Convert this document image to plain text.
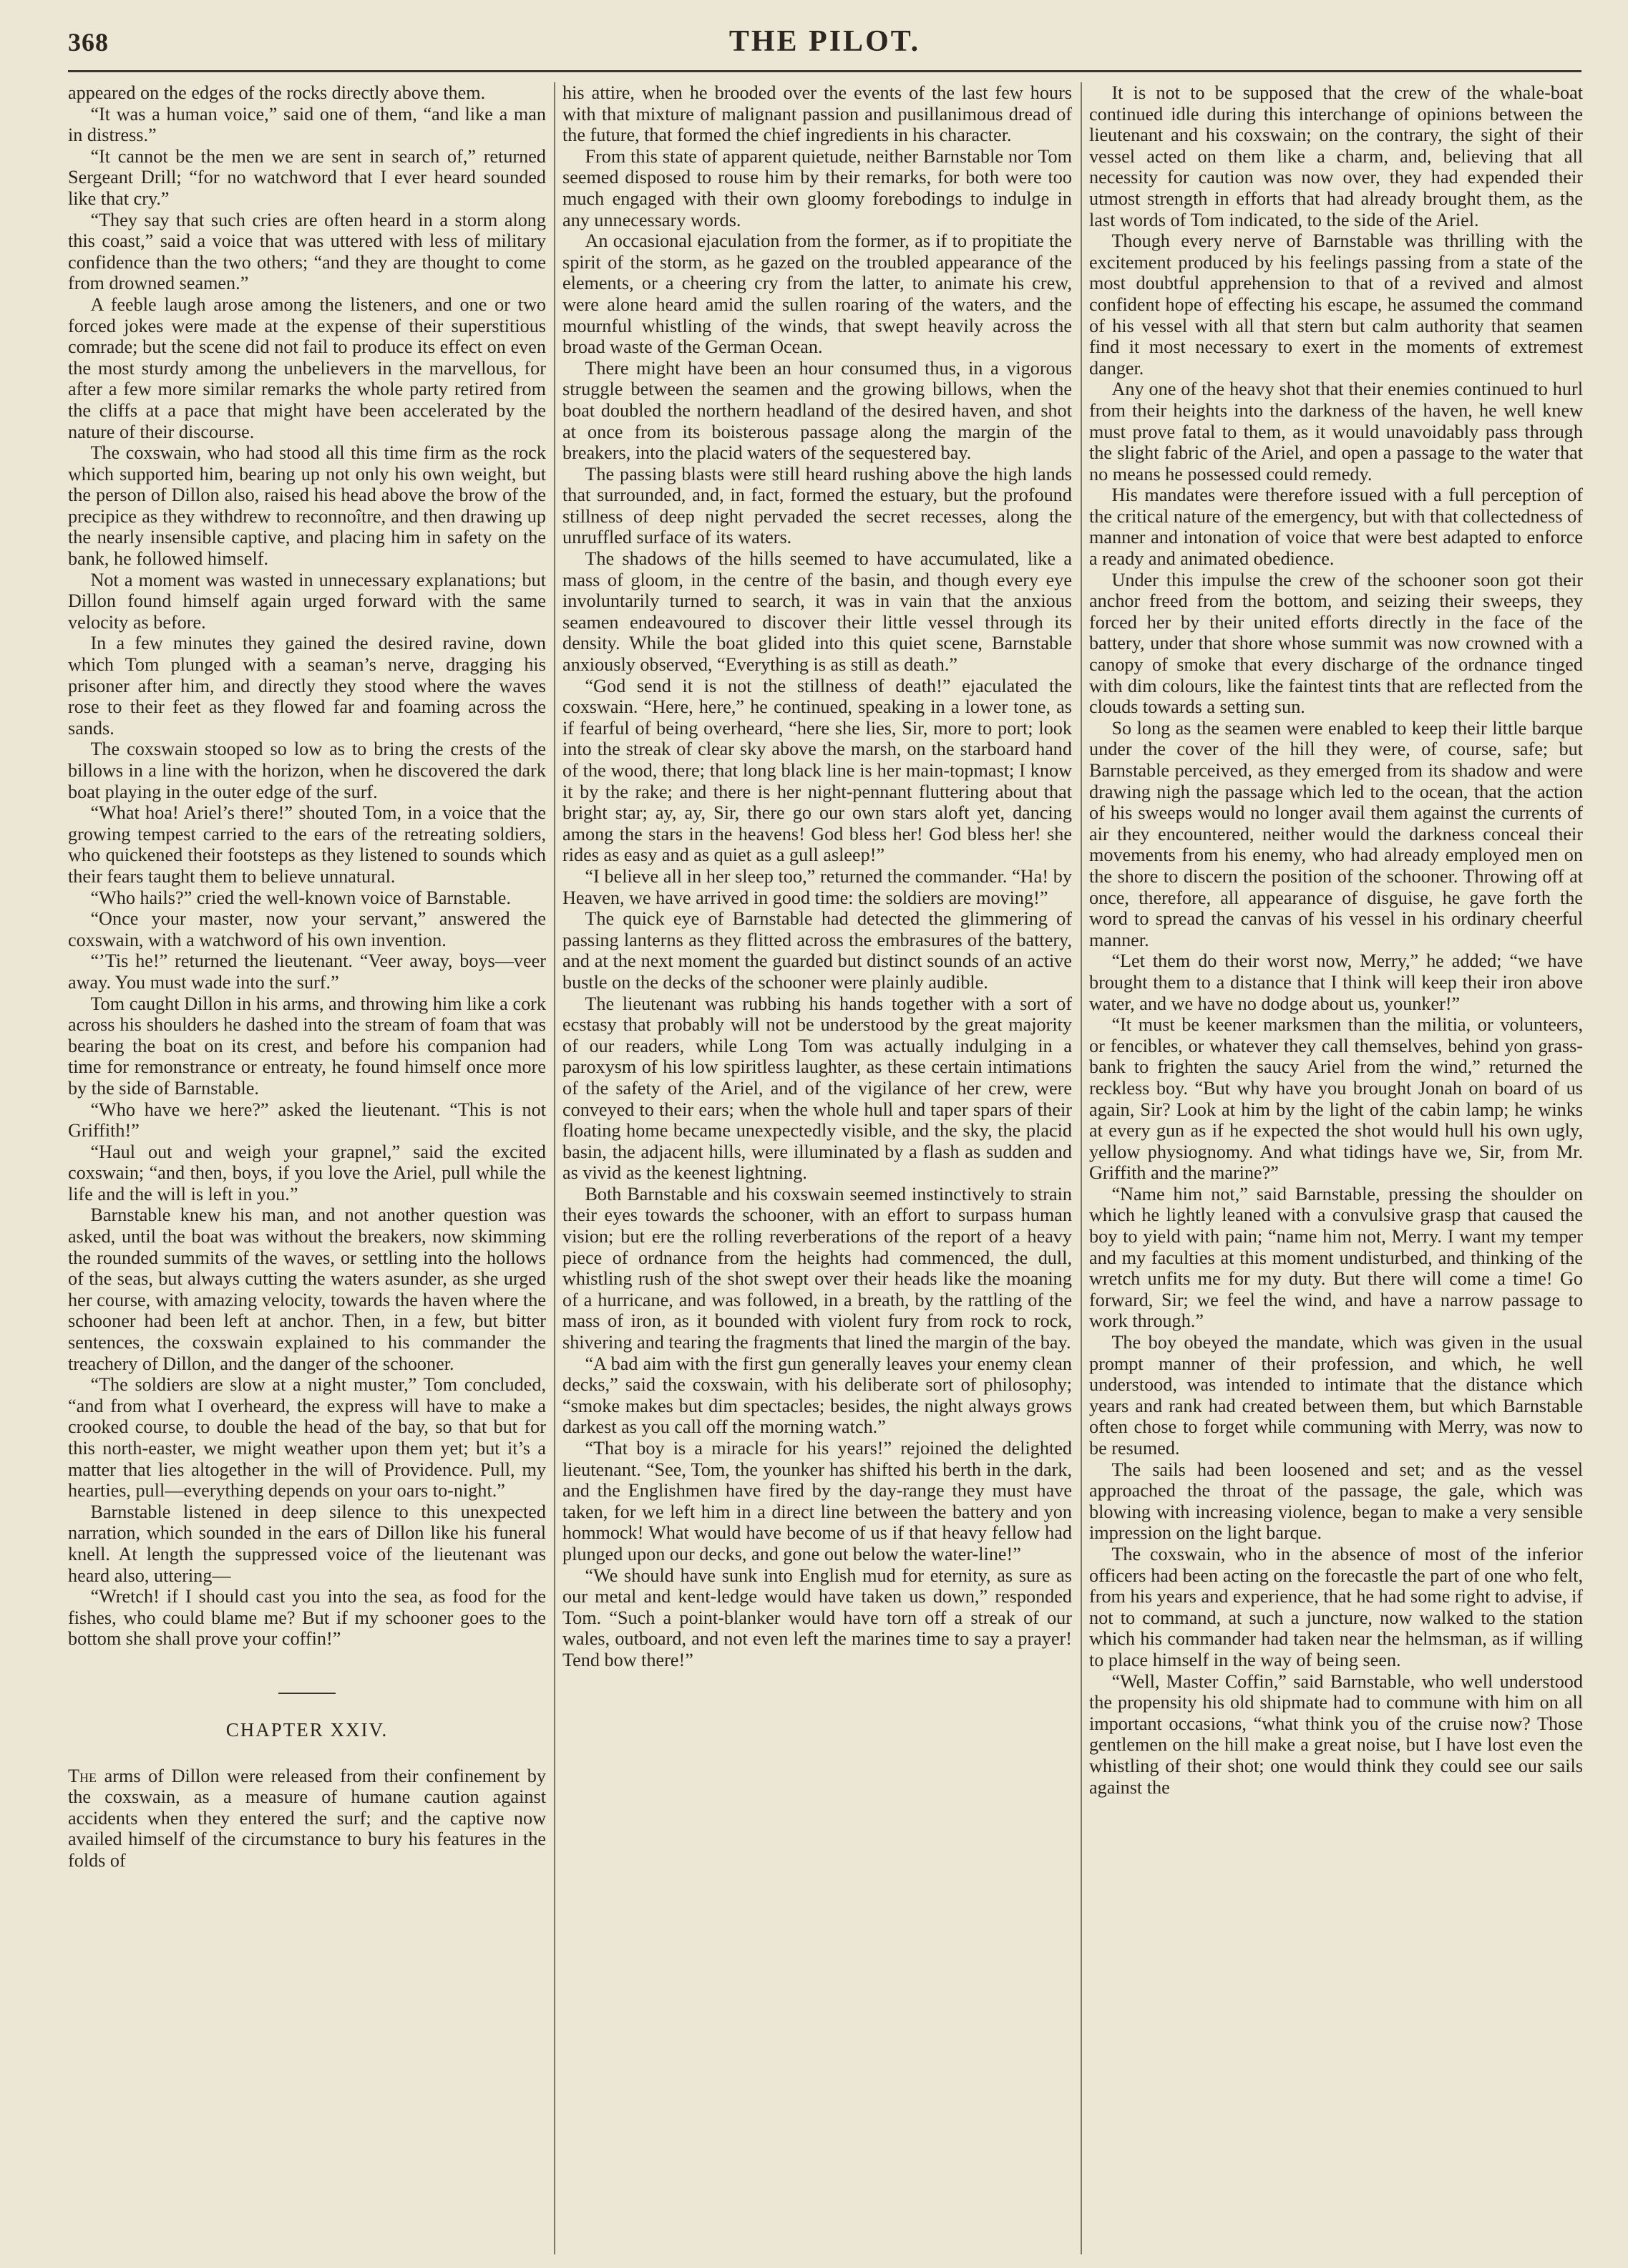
368	THE PILOT.

appeared on the edges of the rocks directly above them.

“It was a human voice,” said one of them, “and like a man in distress.”

“It cannot be the men we are sent in search of,” returned Sergeant Drill; “for no watchword that I ever heard sounded like that cry.”

“They say that such cries are often heard in a storm along this coast,” said a voice that was uttered with less of military confidence than the two others; “and they are thought to come from drowned seamen.”

A feeble laugh arose among the listeners, and one or two forced jokes were made at the expense of their superstitious comrade; but the scene did not fail to produce its effect on even the most sturdy among the unbelievers in the marvellous, for after a few more similar remarks the whole party retired from the cliffs at a pace that might have been accelerated by the nature of their discourse.

The coxswain, who had stood all this time firm as the rock which supported him, bearing up not only his own weight, but the person of Dillon also, raised his head above the brow of the precipice as they withdrew to reconnoître, and then drawing up the nearly insensible captive, and placing him in safety on the bank, he followed himself.

Not a moment was wasted in unnecessary explanations; but Dillon found himself again urged forward with the same velocity as before.

In a few minutes they gained the desired ravine, down which Tom plunged with a seaman’s nerve, dragging his prisoner after him, and directly they stood where the waves rose to their feet as they flowed far and foaming across the sands.

The coxswain stooped so low as to bring the crests of the billows in a line with the horizon, when he discovered the dark boat playing in the outer edge of the surf.

“What hoa! Ariel’s there!” shouted Tom, in a voice that the growing tempest carried to the ears of the retreating soldiers, who quickened their footsteps as they listened to sounds which their fears taught them to believe unnatural.

“Who hails?” cried the well-known voice of Barnstable.

“Once your master, now your servant,” answered the coxswain, with a watchword of his own invention.

“’Tis he!” returned the lieutenant. “Veer away, boys—veer away. You must wade into the surf.”

Tom caught Dillon in his arms, and throwing him like a cork across his shoulders he dashed into the stream of foam that was bearing the boat on its crest, and before his companion had time for remonstrance or entreaty, he found himself once more by the side of Barnstable.

“Who have we here?” asked the lieutenant. “This is not Griffith!”

“Haul out and weigh your grapnel,” said the excited coxswain; “and then, boys, if you love the Ariel, pull while the life and the will is left in you.”

Barnstable knew his man, and not another question was asked, until the boat was without the breakers, now skimming the rounded summits of the waves, or settling into the hollows of the seas, but always cutting the waters asunder, as she urged her course, with amazing velocity, towards the haven where the schooner had been left at anchor. Then, in a few, but bitter sentences, the coxswain explained to his commander the treachery of Dillon, and the danger of the schooner.

“The soldiers are slow at a night muster,” Tom concluded, “and from what I overheard, the express will have to make a crooked course, to double the head of the bay, so that but for this north-easter, we might weather upon them yet; but it’s a matter that lies altogether in the will of Providence. Pull, my hearties, pull—everything depends on your oars to-night.”

Barnstable listened in deep silence to this unexpected narration, which sounded in the ears of Dillon like his funeral knell. At length the suppressed voice of the lieutenant was heard also, uttering—

“Wretch! if I should cast you into the sea, as food for the fishes, who could blame me? But if my schooner goes to the bottom she shall prove your coffin!”

CHAPTER XXIV.

The arms of Dillon were released from their confinement by the coxswain, as a measure of humane caution against accidents when they entered the surf; and the captive now availed himself of the circumstance to bury his features in the folds of

his attire, when he brooded over the events of the last few hours with that mixture of malignant passion and pusillanimous dread of the future, that formed the chief ingredients in his character.

From this state of apparent quietude, neither Barnstable nor Tom seemed disposed to rouse him by their remarks, for both were too much engaged with their own gloomy forebodings to indulge in any unnecessary words.

An occasional ejaculation from the former, as if to propitiate the spirit of the storm, as he gazed on the troubled appearance of the elements, or a cheering cry from the latter, to animate his crew, were alone heard amid the sullen roaring of the waters, and the mournful whistling of the winds, that swept heavily across the broad waste of the German Ocean.

There might have been an hour consumed thus, in a vigorous struggle between the seamen and the growing billows, when the boat doubled the northern headland of the desired haven, and shot at once from its boisterous passage along the margin of the breakers, into the placid waters of the sequestered bay.

The passing blasts were still heard rushing above the high lands that surrounded, and, in fact, formed the estuary, but the profound stillness of deep night pervaded the secret recesses, along the unruffled surface of its waters.

The shadows of the hills seemed to have accumulated, like a mass of gloom, in the centre of the basin, and though every eye involuntarily turned to search, it was in vain that the anxious seamen endeavoured to discover their little vessel through its density. While the boat glided into this quiet scene, Barnstable anxiously observed, “Everything is as still as death.”

“God send it is not the stillness of death!” ejaculated the coxswain. “Here, here,” he continued, speaking in a lower tone, as if fearful of being overheard, “here she lies, Sir, more to port; look into the streak of clear sky above the marsh, on the starboard hand of the wood, there; that long black line is her main-topmast; I know it by the rake; and there is her night-pennant fluttering about that bright star; ay, ay, Sir, there go our own stars aloft yet, dancing among the stars in the heavens! God bless her! God bless her! she rides as easy and as quiet as a gull asleep!”

“I believe all in her sleep too,” returned the commander. “Ha! by Heaven, we have arrived in good time: the soldiers are moving!”

The quick eye of Barnstable had detected the glimmering of passing lanterns as they flitted across the embrasures of the battery, and at the next moment the guarded but distinct sounds of an active bustle on the decks of the schooner were plainly audible.

The lieutenant was rubbing his hands together with a sort of ecstasy that probably will not be understood by the great majority of our readers, while Long Tom was actually indulging in a paroxysm of his low spiritless laughter, as these certain intimations of the safety of the Ariel, and of the vigilance of her crew, were conveyed to their ears; when the whole hull and taper spars of their floating home became unexpectedly visible, and the sky, the placid basin, the adjacent hills, were illuminated by a flash as sudden and as vivid as the keenest lightning.

Both Barnstable and his coxswain seemed instinctively to strain their eyes towards the schooner, with an effort to surpass human vision; but ere the rolling reverberations of the report of a heavy piece of ordnance from the heights had commenced, the dull, whistling rush of the shot swept over their heads like the moaning of a hurricane, and was followed, in a breath, by the rattling of the mass of iron, as it bounded with violent fury from rock to rock, shivering and tearing the fragments that lined the margin of the bay.

“A bad aim with the first gun generally leaves your enemy clean decks,” said the coxswain, with his deliberate sort of philosophy; “smoke makes but dim spectacles; besides, the night always grows darkest as you call off the morning watch.”

“That boy is a miracle for his years!” rejoined the delighted lieutenant. “See, Tom, the younker has shifted his berth in the dark, and the Englishmen have fired by the day-range they must have taken, for we left him in a direct line between the battery and yon hommock! What would have become of us if that heavy fellow had plunged upon our decks, and gone out below the water-line!”

“We should have sunk into English mud for eternity, as sure as our metal and kent-ledge would have taken us down,” responded Tom. “Such a point-blanker would have torn off a streak of our wales, outboard, and not even left the marines time to say a prayer! Tend bow there!”

It is not to be supposed that the crew of the whale-boat continued idle during this interchange of opinions between the lieutenant and his coxswain; on the contrary, the sight of their vessel acted on them like a charm, and, believing that all necessity for caution was now over, they had expended their utmost strength in efforts that had already brought them, as the last words of Tom indicated, to the side of the Ariel.

Though every nerve of Barnstable was thrilling with the excitement produced by his feelings passing from a state of the most doubtful apprehension to that of a revived and almost confident hope of effecting his escape, he assumed the command of his vessel with all that stern but calm authority that seamen find it most necessary to exert in the moments of extremest danger.

Any one of the heavy shot that their enemies continued to hurl from their heights into the darkness of the haven, he well knew must prove fatal to them, as it would unavoidably pass through the slight fabric of the Ariel, and open a passage to the water that no means he possessed could remedy.

His mandates were therefore issued with a full perception of the critical nature of the emergency, but with that collectedness of manner and intonation of voice that were best adapted to enforce a ready and animated obedience.

Under this impulse the crew of the schooner soon got their anchor freed from the bottom, and seizing their sweeps, they forced her by their united efforts directly in the face of the battery, under that shore whose summit was now crowned with a canopy of smoke that every discharge of the ordnance tinged with dim colours, like the faintest tints that are reflected from the clouds towards a setting sun.

So long as the seamen were enabled to keep their little barque under the cover of the hill they were, of course, safe; but Barnstable perceived, as they emerged from its shadow and were drawing nigh the passage which led to the ocean, that the action of his sweeps would no longer avail them against the currents of air they encountered, neither would the darkness conceal their movements from his enemy, who had already employed men on the shore to discern the position of the schooner. Throwing off at once, therefore, all appearance of disguise, he gave forth the word to spread the canvas of his vessel in his ordinary cheerful manner.

“Let them do their worst now, Merry,” he added; “we have brought them to a distance that I think will keep their iron above water, and we have no dodge about us, younker!”

“It must be keener marksmen than the militia, or volunteers, or fencibles, or whatever they call themselves, behind yon grass-bank to frighten the saucy Ariel from the wind,” returned the reckless boy. “But why have you brought Jonah on board of us again, Sir? Look at him by the light of the cabin lamp; he winks at every gun as if he expected the shot would hull his own ugly, yellow physiognomy. And what tidings have we, Sir, from Mr. Griffith and the marine?”

“Name him not,” said Barnstable, pressing the shoulder on which he lightly leaned with a convulsive grasp that caused the boy to yield with pain; “name him not, Merry. I want my temper and my faculties at this moment undisturbed, and thinking of the wretch unfits me for my duty. But there will come a time! Go forward, Sir; we feel the wind, and have a narrow passage to work through.”

The boy obeyed the mandate, which was given in the usual prompt manner of their profession, and which, he well understood, was intended to intimate that the distance which years and rank had created between them, but which Barnstable often chose to forget while communing with Merry, was now to be resumed.

The sails had been loosened and set; and as the vessel approached the throat of the passage, the gale, which was blowing with increasing violence, began to make a very sensible impression on the light barque.

The coxswain, who in the absence of most of the inferior officers had been acting on the forecastle the part of one who felt, from his years and experience, that he had some right to advise, if not to command, at such a juncture, now walked to the station which his commander had taken near the helmsman, as if willing to place himself in the way of being seen.

“Well, Master Coffin,” said Barnstable, who well understood the propensity his old shipmate had to commune with him on all important occasions, “what think you of the cruise now? Those gentlemen on the hill make a great noise, but I have lost even the whistling of their shot; one would think they could see our sails against the
